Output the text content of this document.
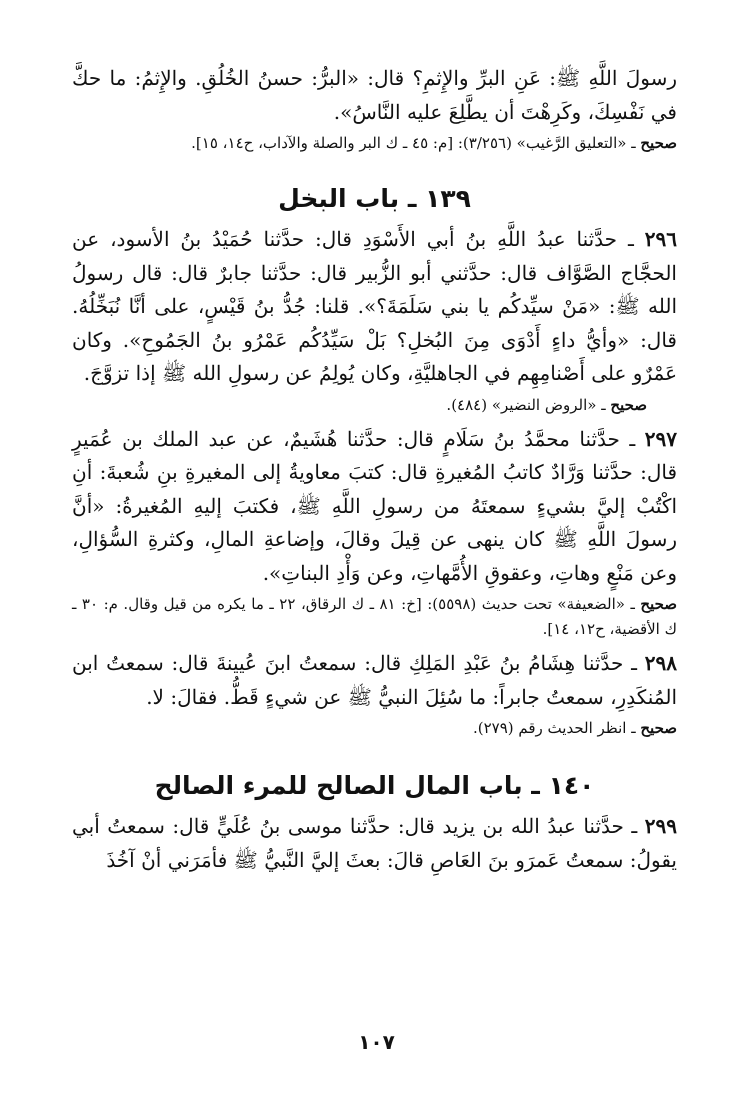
رسولَ اللَّهِ ﷺ: عَنِ البرِّ والإِثمِ؟ قال: «البرُّ: حسنُ الخُلُقِ. والإِثمُ: ما حكَّ في نَفْسِكَ، وكَرِهْتَ أن يطَّلِعَ عليه النَّاسُ».

صحيح ـ «التعليق الرَّغيب» (٣/٢٥٦): [م: ٤٥ ـ ك البر والصلة والآداب، ح١٤، ١٥].

١٣٩ ـ باب البخل

٢٩٦ ـ حدَّثنا عبدُ اللَّهِ بنُ أبي الأَسْوَدِ قال: حدَّثنا حُمَيْدُ بنُ الأسود، عن الحجَّاج الصَّوَّاف قال: حدَّثني أبو الزُّبير قال: حدَّثنا جابرٌ قال: قال رسولُ الله ﷺ: «مَنْ سيِّدكُم يا بني سَلَمَةَ؟». قلنا: جُدُّ بنُ قَيْسٍ، على أنَّا نُبَخِّلُهُ. قال: «وأيُّ داءٍ أَدْوَى مِنَ البُخلِ؟ بَلْ سَيِّدُكُم عَمْرُو بنُ الجَمُوحِ». وكان عَمْرٌو على أَصْنامِهِم في الجاهليَّةِ، وكان يُولِمُ عن رسولِ الله ﷺ إذا تزوَّجَ.

صحيح ـ «الروض النضير» (٤٨٤).

٢٩٧ ـ حدَّثنا محمَّدُ بنُ سَلَامٍ قال: حدَّثنا هُشَيمٌ، عن عبد الملك بن عُمَيرٍ قال: حدَّثنا وَرَّادٌ كاتبُ المُغيرةِ قال: كتبَ معاويةُ إلى المغيرةِ بنِ شُعبةَ: أنِ اكْتُبْ إليَّ بشيءٍ سمعتَهُ من رسولِ اللَّهِ ﷺ، فكتبَ إليهِ المُغيرةُ: «أنَّ رسولَ اللَّهِ ﷺ كان ينهى عن قِيلَ وقالَ، وإضاعةِ المالِ، وكثرةِ السُّؤالِ، وعن مَنْعٍ وهاتِ، وعقوقِ الأُمَّهاتِ، وعن وَأْدِ البناتِ».

صحيح ـ «الضعيفة» تحت حديث (٥٥٩٨): [خ: ٨١ ـ ك الرقاق، ٢٢ ـ ما يكره من قيل وقال. م: ٣٠ ـ ك الأقضية، ح١٢، ١٤].

٢٩٨ ـ حدَّثنا هِشَامُ بنُ عَبْدِ المَلِكِ قال: سمعتُ ابنَ عُيينةَ قال: سمعتُ ابن المُنكَدِرِ، سمعتُ جابراً: ما سُئِلَ النبيُّ ﷺ عن شيءٍ قَطُّ. فقالَ: لا.

صحيح ـ انظر الحديث رقم (٢٧٩).

١٤٠ ـ باب المال الصالح للمرء الصالح

٢٩٩ ـ حدَّثنا عبدُ الله بن يزيد قال: حدَّثنا موسى بنُ عُلَيٍّ قال: سمعتُ أبي يقولُ: سمعتُ عَمرَو بنَ العَاصِ قالَ: بعثَ إليَّ النَّبيُّ ﷺ فأمَرَني أنْ آخُذَ

١٠٧
